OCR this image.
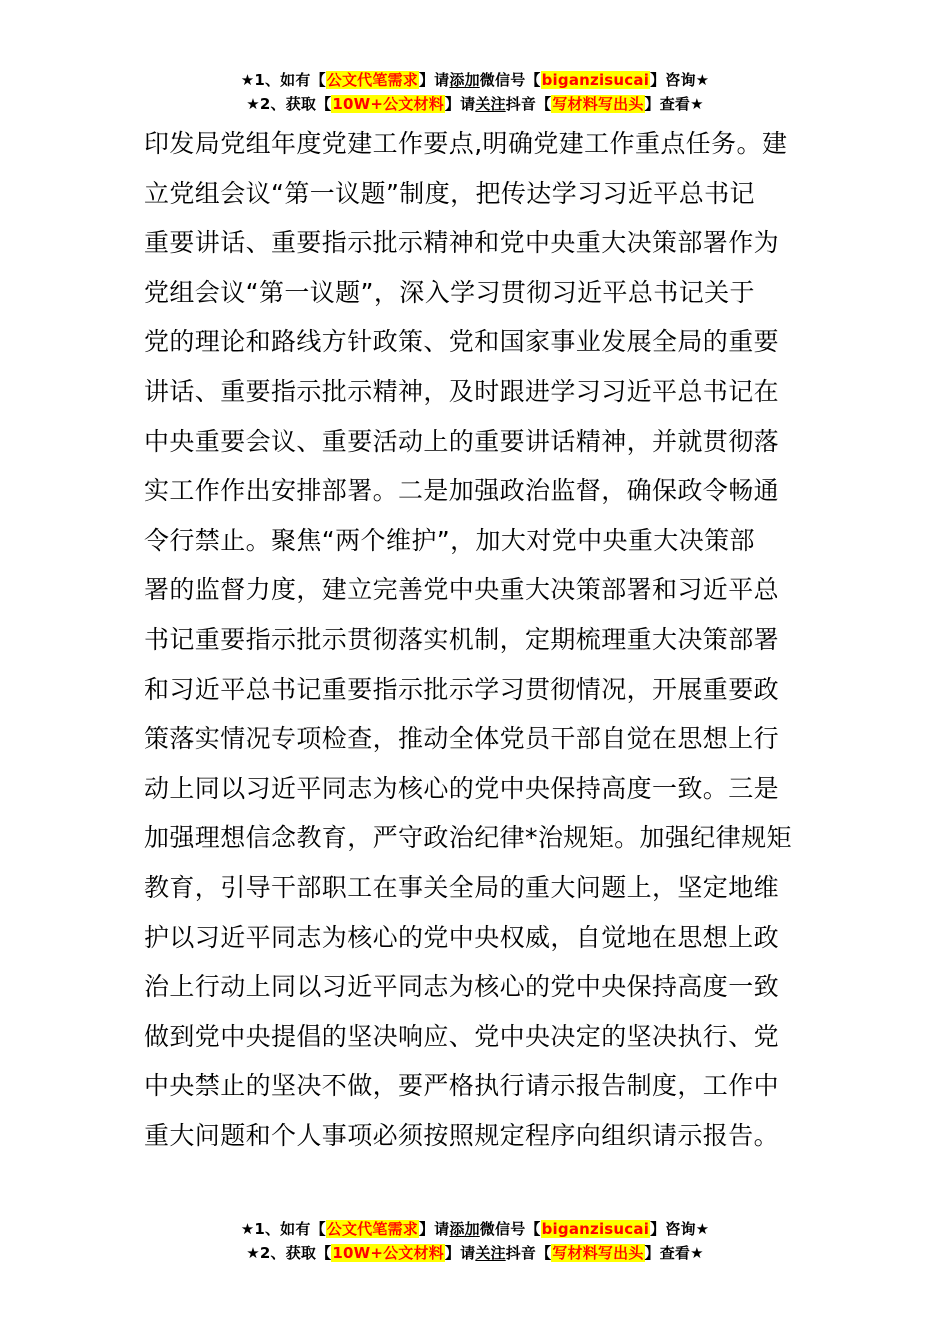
★1、如有【公文代笔需求】请添加微信号【biganzisucai】咨询★
★2、获取【10W+公文材料】请关注抖音【写材料写出头】查看★
印发局党组年度党建工作要点,明确党建工作重点任务。建
立党组会议“第一议题”制度，把传达学习习近平总书记
重要讲话、重要指示批示精神和党中央重大决策部署作为
党组会议“第一议题”，深入学习贯彻习近平总书记关于
党的理论和路线方针政策、党和国家事业发展全局的重要
讲话、重要指示批示精神，及时跟进学习习近平总书记在
中央重要会议、重要活动上的重要讲话精神，并就贯彻落
实工作作出安排部署。二是加强政治监督，确保政令畅通
令行禁止。聚焦“两个维护”，加大对党中央重大决策部
署的监督力度，建立完善党中央重大决策部署和习近平总
书记重要指示批示贯彻落实机制，定期梳理重大决策部署
和习近平总书记重要指示批示学习贯彻情况，开展重要政
策落实情况专项检查，推动全体党员干部自觉在思想上行
动上同以习近平同志为核心的党中央保持高度一致。三是
加强理想信念教育，严守政治纪律*治规矩。加强纪律规矩
教育，引导干部职工在事关全局的重大问题上，坚定地维
护以习近平同志为核心的党中央权威，自觉地在思想上政
治上行动上同以习近平同志为核心的党中央保持高度一致
做到党中央提倡的坚决响应、党中央决定的坚决执行、党
中央禁止的坚决不做，要严格执行请示报告制度，工作中
重大问题和个人事项必须按照规定程序向组织请示报告。
★1、如有【公文代笔需求】请添加微信号【biganzisucai】咨询★
★2、获取【10W+公文材料】请关注抖音【写材料写出头】查看★
